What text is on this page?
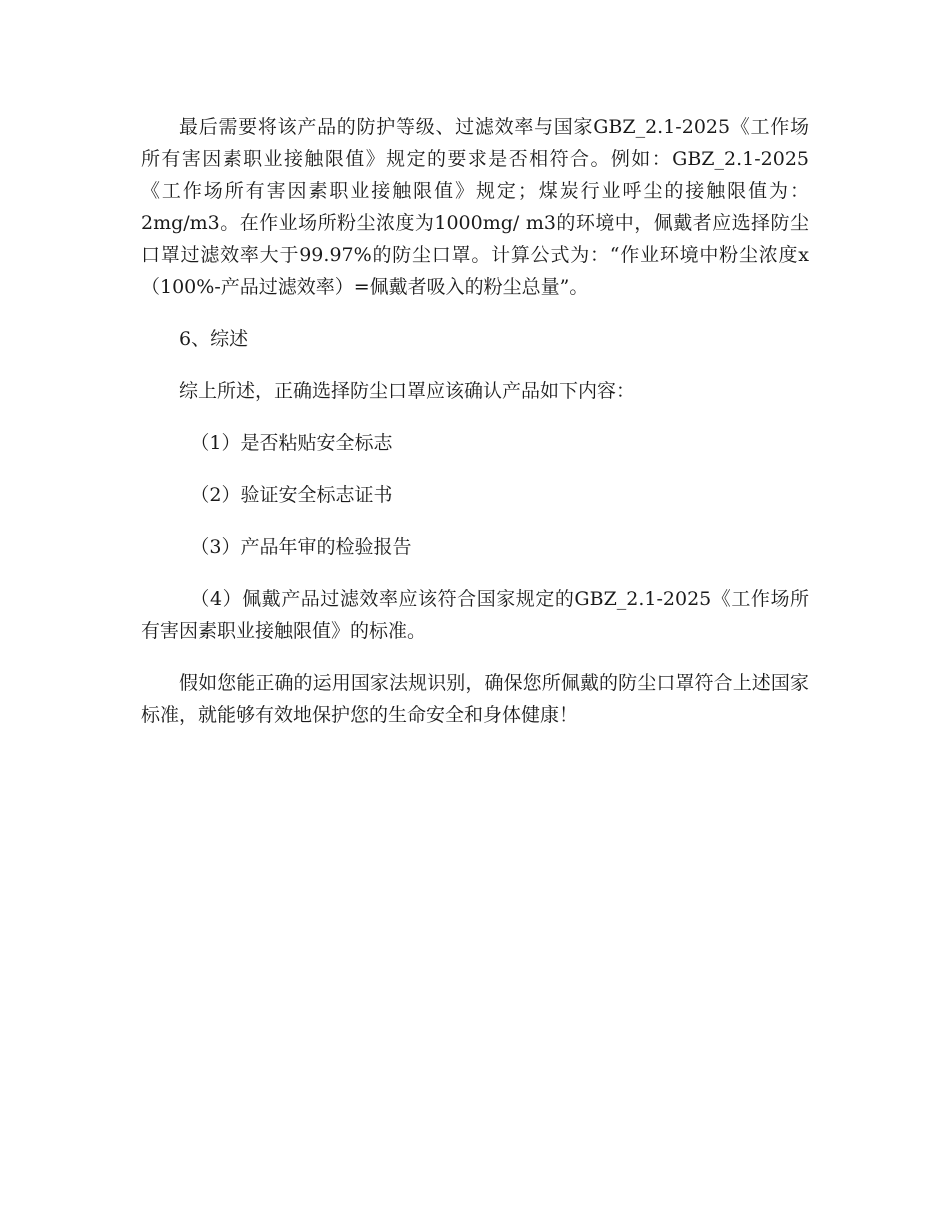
最后需要将该产品的防护等级、过滤效率与国家GBZ_2.1-2025《工作场所有害因素职业接触限值》规定的要求是否相符合。例如：GBZ_2.1-2025《工作场所有害因素职业接触限值》规定；煤炭行业呼尘的接触限值为：2mg/m3。在作业场所粉尘浓度为1000mg/ m3的环境中，佩戴者应选择防尘口罩过滤效率大于99.97%的防尘口罩。计算公式为：“作业环境中粉尘浓度x（100%-产品过滤效率）=佩戴者吸入的粉尘总量”。

6、综述

综上所述，正确选择防尘口罩应该确认产品如下内容：

（1）是否粘贴安全标志

（2）验证安全标志证书

（3）产品年审的检验报告

（4）佩戴产品过滤效率应该符合国家规定的GBZ_2.1-2025《工作场所有害因素职业接触限值》的标准。

假如您能正确的运用国家法规识别，确保您所佩戴的防尘口罩符合上述国家标准，就能够有效地保护您的生命安全和身体健康！
